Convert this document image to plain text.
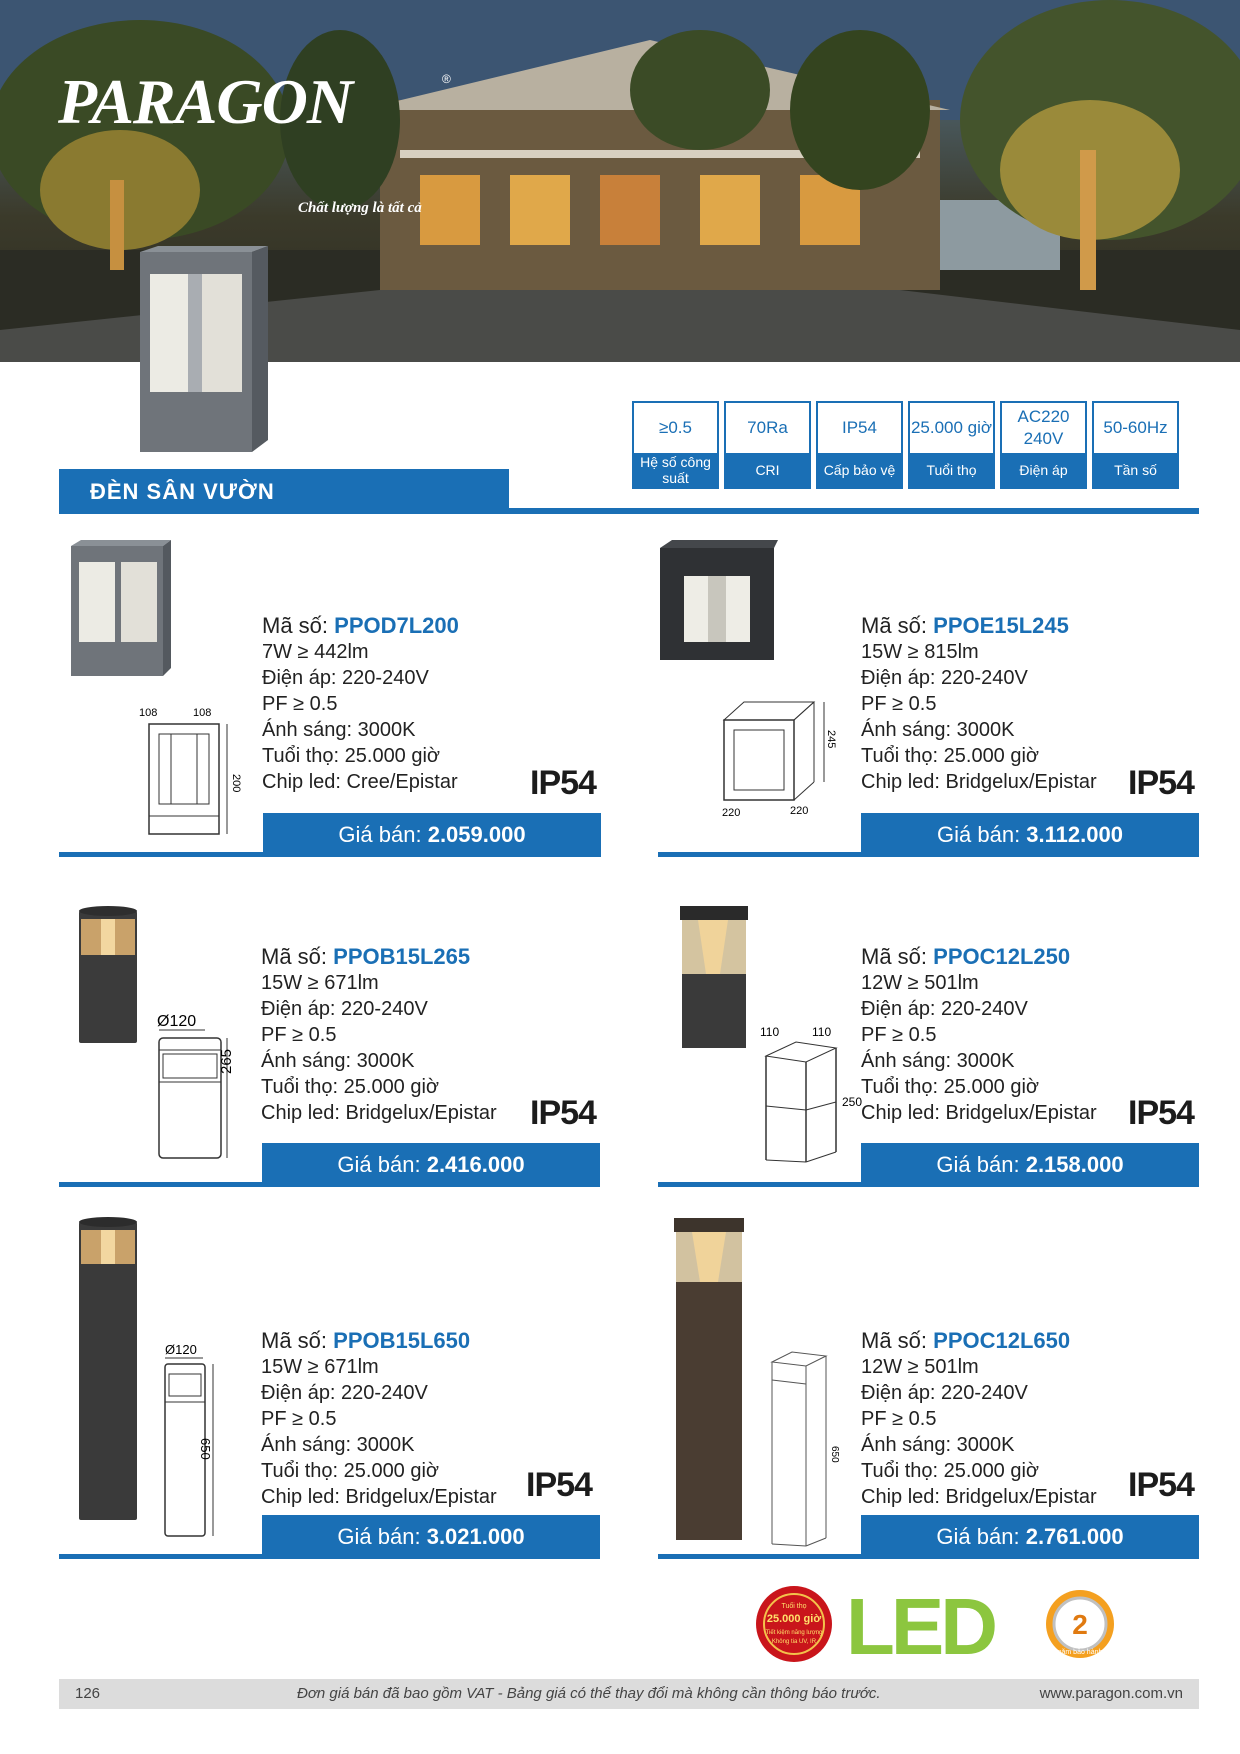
PARAGON	®
Chất lượng là tất cả
≥0.5
Hệ số công suất
70Ra
CRI
IP54
Cấp bảo vệ
25.000 giờ
Tuổi thọ
AC220 240V
Điện áp
50-60Hz
Tần số
ĐÈN SÂN VƯỜN
108	108
200
Mã số: PPOD7L200
7W ≥ 442lm
Điện áp: 220-240V
PF ≥ 0.5
Ánh sáng: 3000K
Tuổi thọ: 25.000 giờ
Chip led: Cree/Epistar IP54
Giá bán: 2.059.000
220	220
245
Mã số: PPOE15L245
15W ≥ 815lm
Điện áp: 220-240V
PF ≥ 0.5
Ánh sáng: 3000K
Tuổi thọ: 25.000 giờ
Chip led: Bridgelux/Epistar IP54
Giá bán: 3.112.000
Ø120
265
Mã số: PPOB15L265
15W ≥ 671lm
Điện áp: 220-240V
PF ≥ 0.5
Ánh sáng: 3000K
Tuổi thọ: 25.000 giờ
Chip led: Bridgelux/Epistar IP54
Giá bán: 2.416.000
110	110
250
Mã số: PPOC12L250
12W ≥ 501lm
Điện áp: 220-240V
PF ≥ 0.5
Ánh sáng: 3000K
Tuổi thọ: 25.000 giờ
Chip led: Bridgelux/Epistar IP54
Giá bán: 2.158.000
Ø120
650
Mã số: PPOB15L650
15W ≥ 671lm
Điện áp: 220-240V
PF ≥ 0.5
Ánh sáng: 3000K
Tuổi thọ: 25.000 giờ
Chip led: Bridgelux/Epistar IP54
Giá bán: 3.021.000
650
Mã số: PPOC12L650
12W ≥ 501lm
Điện áp: 220-240V
PF ≥ 0.5
Ánh sáng: 3000K
Tuổi thọ: 25.000 giờ
Chip led: Bridgelux/Epistar IP54
Giá bán: 2.761.000
Tuổi thọ
25.000 giờ
Tiết kiệm năng lượng
Không tia UV, IR LED	2
năm bảo hành
126	Đơn giá bán đã bao gồm VAT - Bảng giá có thể thay đổi mà không cần thông báo trước.	www.paragon.com.vn
